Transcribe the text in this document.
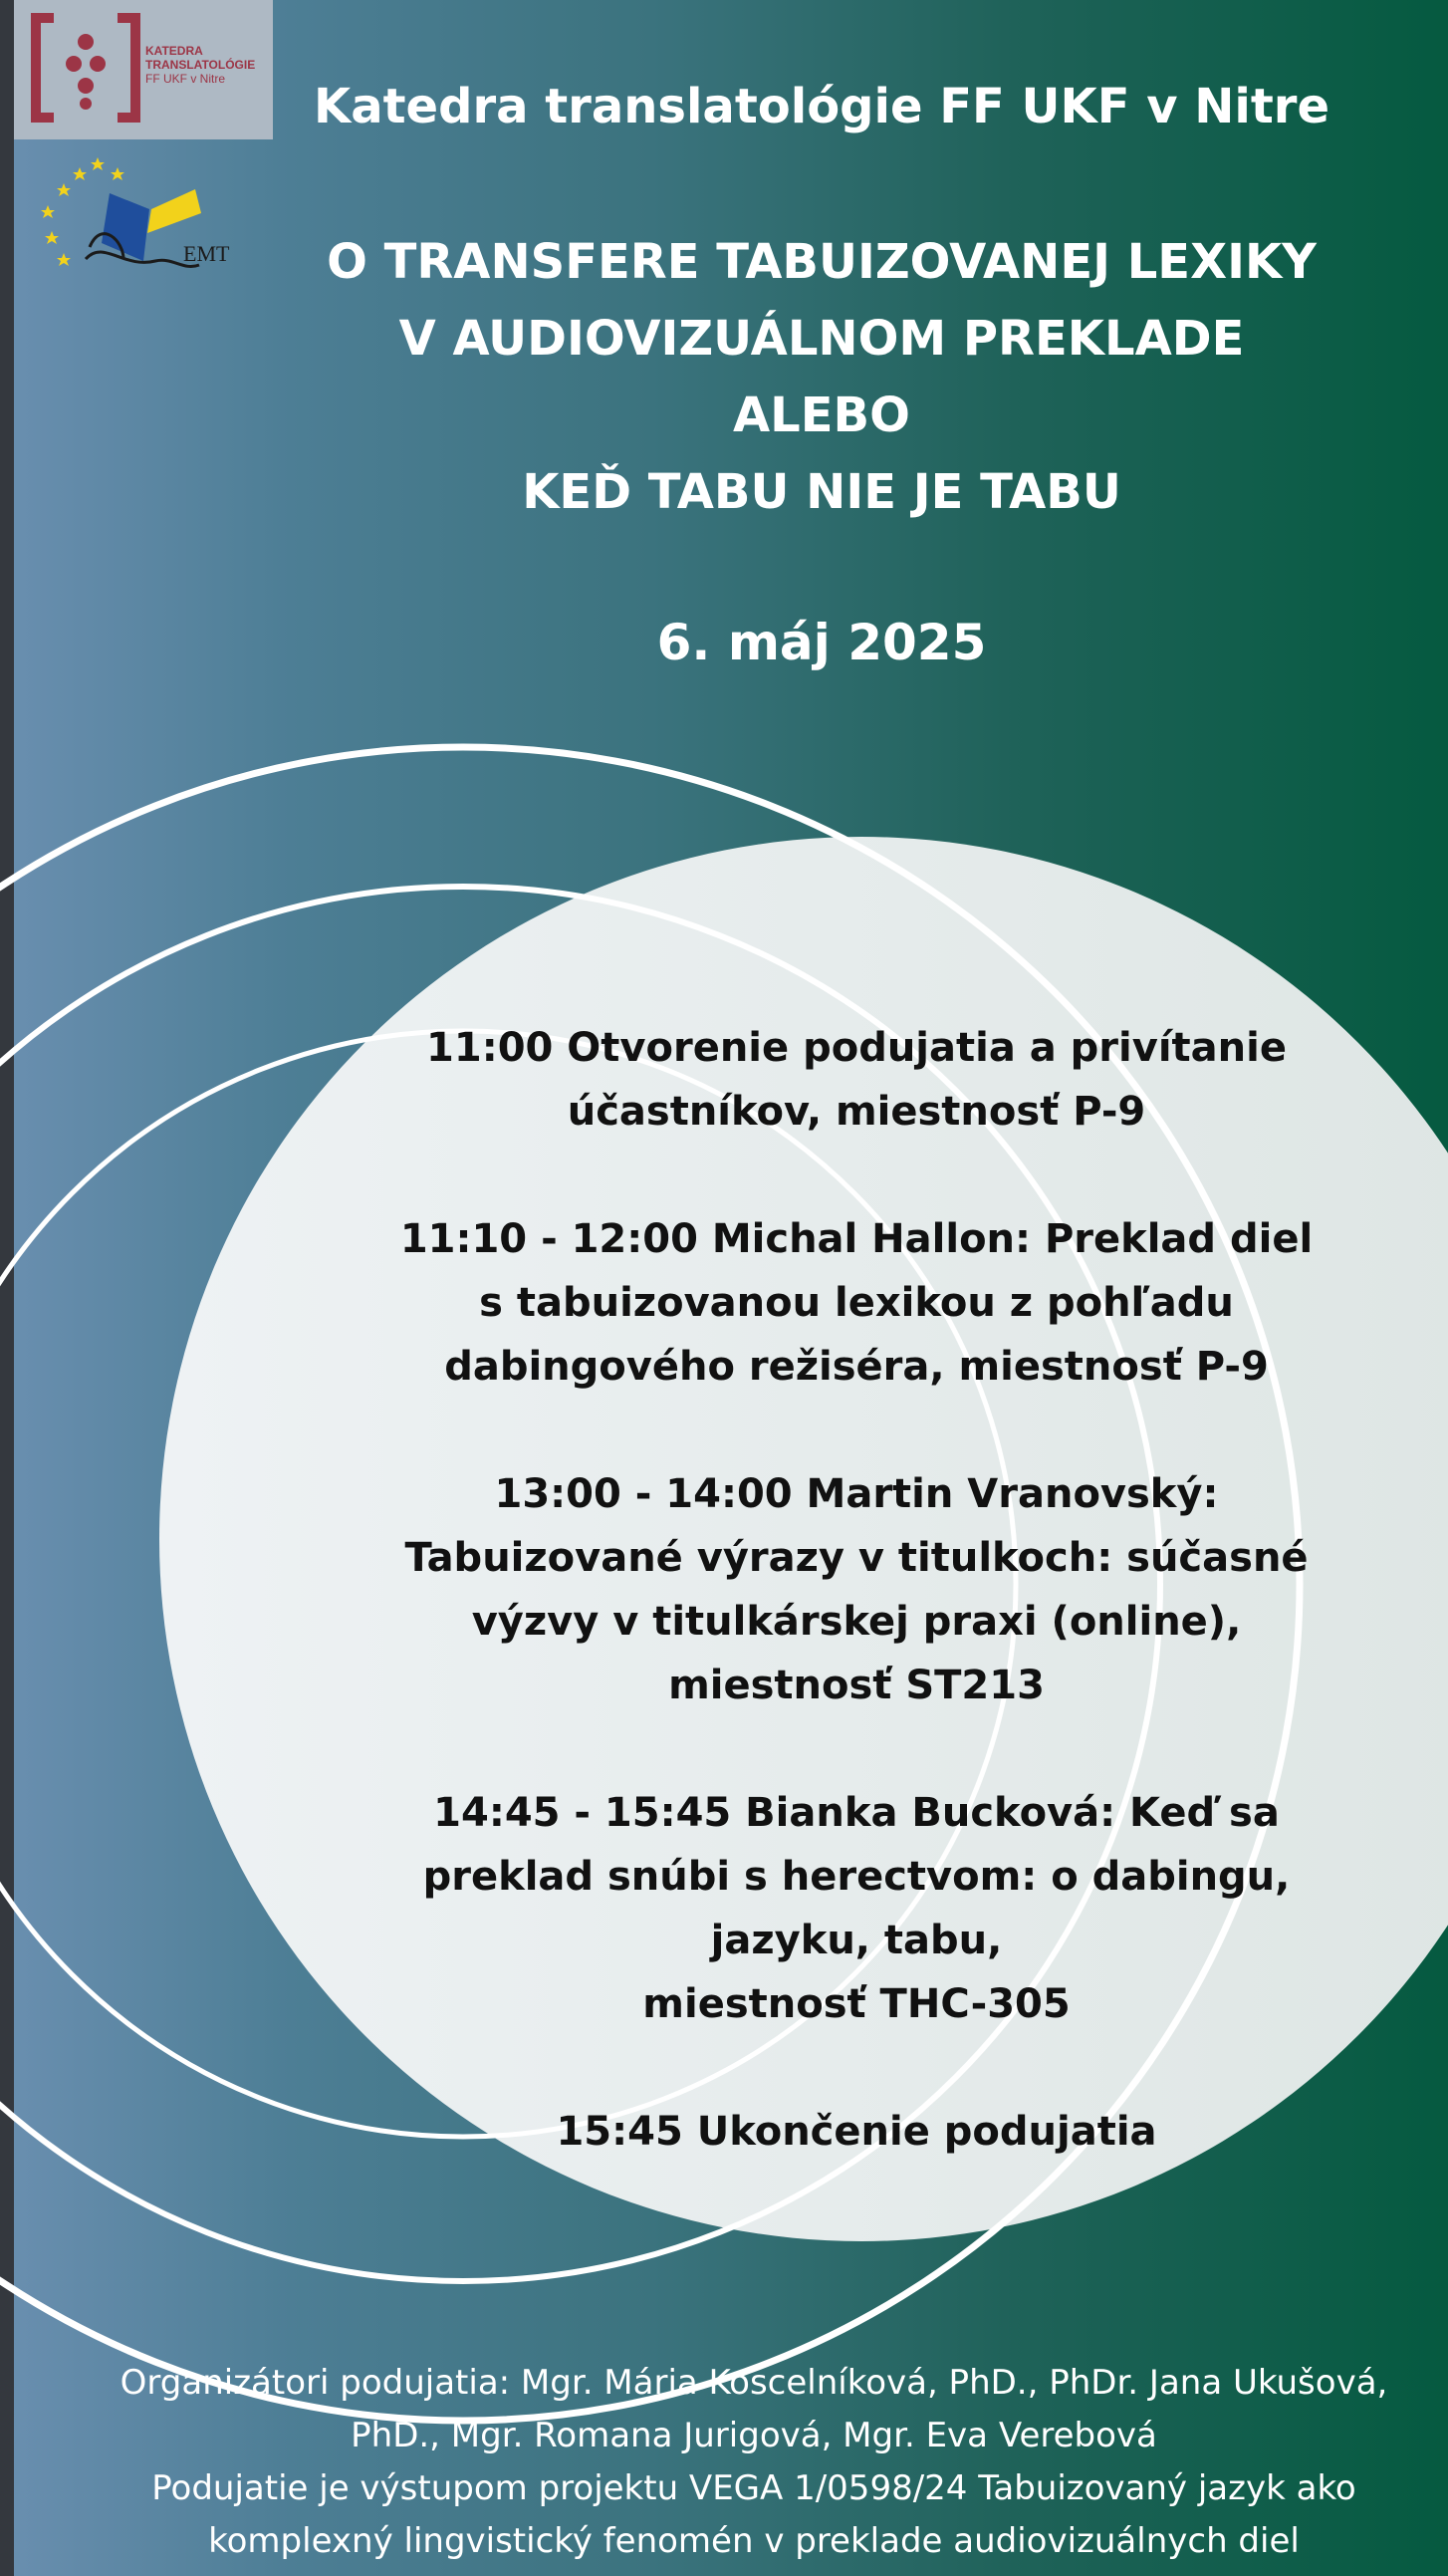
KATEDRA
TRANSLATOLÓGIE
FF UKF v Nitre
EMT
Katedra translatológie FF UKF v Nitre
O TRANSFERE TABUIZOVANEJ LEXIKY
V AUDIOVIZUÁLNOM PREKLADE
ALEBO
KEĎ TABU NIE JE TABU
6. máj 2025
11:00 Otvorenie podujatia a privítanie
účastníkov, miestnosť P-9
11:10 - 12:00 Michal Hallon: Preklad diel
s tabuizovanou lexikou z pohľadu
dabingového režiséra, miestnosť P-9
13:00 - 14:00 Martin Vranovský:
Tabuizované výrazy v titulkoch: súčasné
výzvy v titulkárskej praxi (online),
miestnosť ST213
14:45 - 15:45 Bianka Bucková: Keď sa
preklad snúbi s herectvom: o dabingu,
jazyku, tabu,
miestnosť THC-305
15:45 Ukončenie podujatia
Organizátori podujatia: Mgr. Mária Koscelníková, PhD., PhDr. Jana Ukušová,
PhD., Mgr. Romana Jurigová, Mgr. Eva Verebová
Podujatie je výstupom projektu VEGA 1/0598/24 Tabuizovaný jazyk ako
komplexný lingvistický fenomén v preklade audiovizuálnych diel
